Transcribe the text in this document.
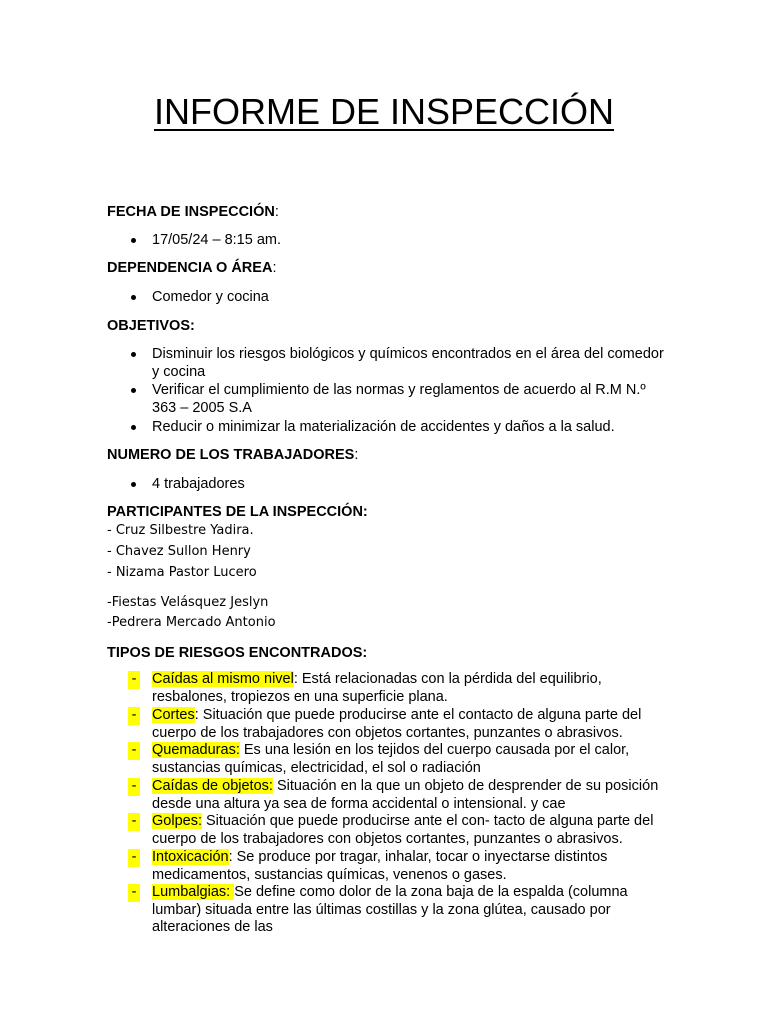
INFORME DE INSPECCIÓN
FECHA DE INSPECCIÓN:
17/05/24 – 8:15 am.
DEPENDENCIA O ÁREA:
Comedor y cocina
OBJETIVOS:
Disminuir los riesgos biológicos y químicos encontrados en el área del comedor y cocina
Verificar el cumplimiento de las normas y reglamentos de acuerdo al R.M N.º 363 – 2005 S.A
Reducir o minimizar la materialización de accidentes y daños a la salud.
NUMERO DE LOS TRABAJADORES:
4 trabajadores
PARTICIPANTES DE LA INSPECCIÓN:
- Cruz Silbestre Yadira.
- Chavez Sullon Henry
- Nizama Pastor Lucero
-Fiestas Velásquez Jeslyn
-Pedrera Mercado Antonio
TIPOS DE RIESGOS ENCONTRADOS:
- Caídas al mismo nivel: Está relacionadas con la pérdida del equilibrio, resbalones, tropiezos en una superficie plana.
- Cortes: Situación que puede producirse ante el contacto de alguna parte del cuerpo de los trabajadores con objetos cortantes, punzantes o abrasivos.
- Quemaduras: Es una lesión en los tejidos del cuerpo causada por el calor, sustancias químicas, electricidad, el sol o radiación
- Caídas de objetos: Situación en la que un objeto de desprender de su posición desde una altura ya sea de forma accidental o intensional. y cae
- Golpes: Situación que puede producirse ante el con- tacto de alguna parte del cuerpo de los trabajadores con objetos cortantes, punzantes o abrasivos.
- Intoxicación: Se produce por tragar, inhalar, tocar o inyectarse distintos medicamentos, sustancias químicas, venenos o gases.
- Lumbalgias: Se define como dolor de la zona baja de la espalda (columna lumbar) situada entre las últimas costillas y la zona glútea, causado por alteraciones de las
